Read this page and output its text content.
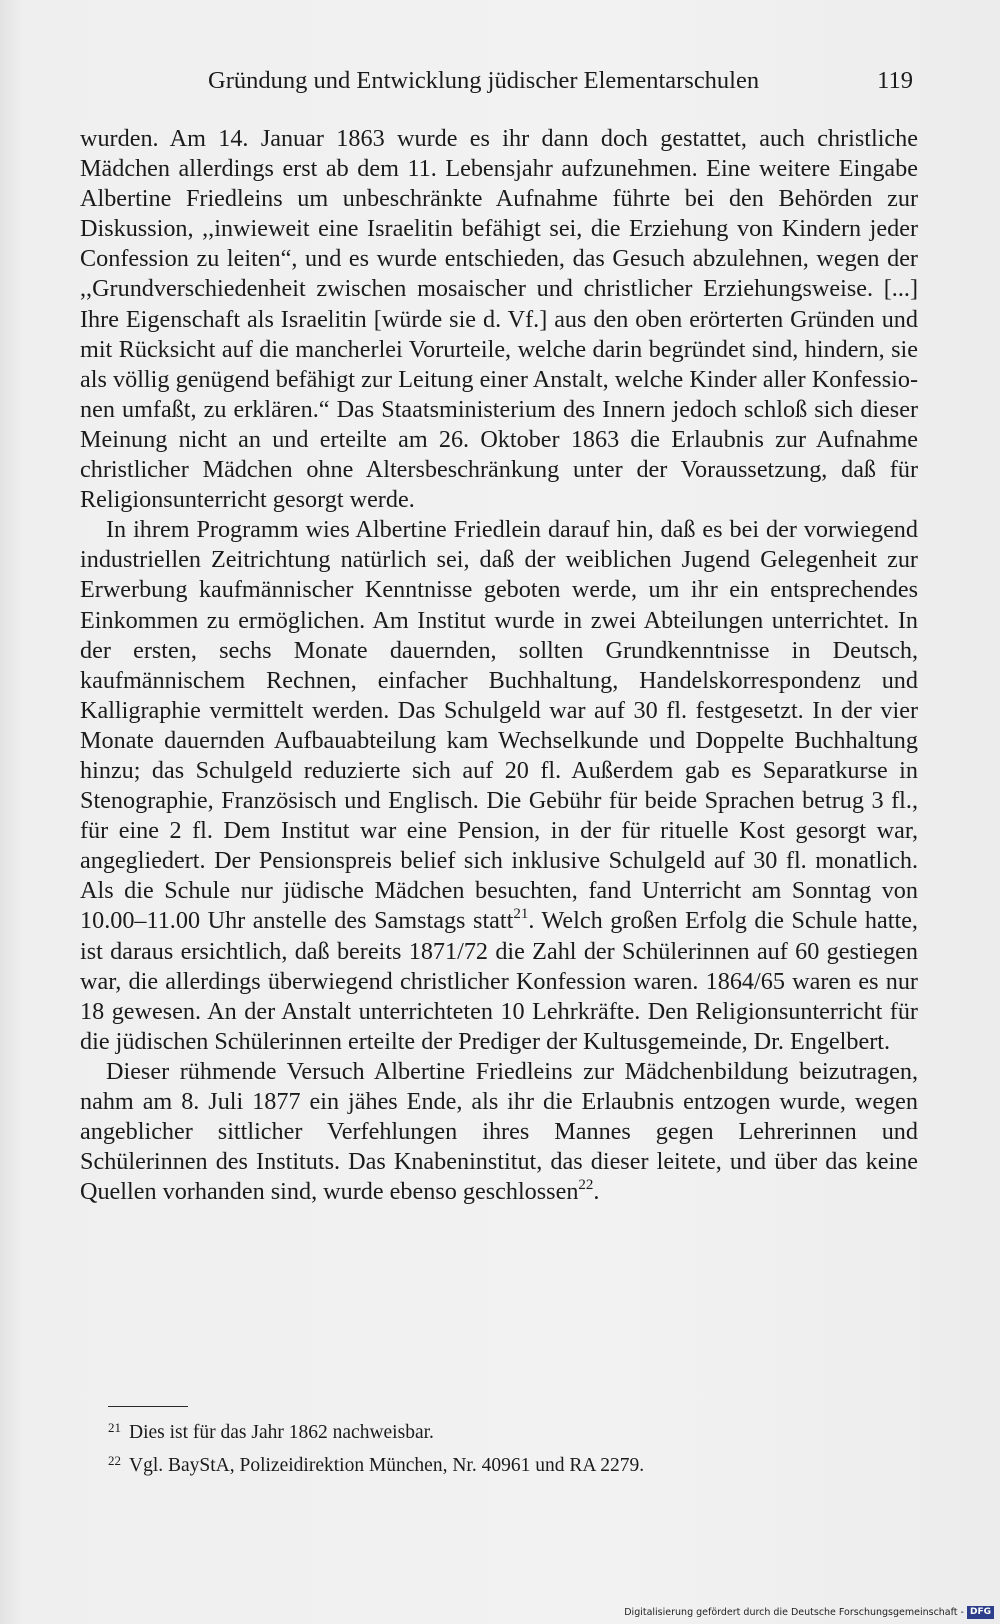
Gründung und Entwicklung jüdischer Elementarschulen	119

wurden. Am 14. Januar 1863 wurde es ihr dann doch gestattet, auch christliche Mädchen allerdings erst ab dem 11. Lebensjahr aufzunehmen. Eine weitere Eingabe Albertine Friedleins um unbeschränkte Aufnahme führte bei den Behörden zur Diskussion, ,,inwieweit eine Israelitin befähigt sei, die Erziehung von Kindern jeder Confession zu leiten“, und es wurde entschieden, das Gesuch abzulehnen, wegen der ,,Grundverschiedenheit zwischen mosaischer und christlicher Erziehungsweise. [...] Ihre Eigenschaft als Israelitin [würde sie d. Vf.] aus den oben erörterten Gründen und mit Rücksicht auf die mancherlei Vorurteile, welche darin begründet sind, hindern, sie als völlig genügend befähigt zur Leitung einer Anstalt, welche Kinder aller Konfessionen umfaßt, zu erklären.“ Das Staatsministerium des Innern jedoch schloß sich dieser Meinung nicht an und erteilte am 26. Oktober 1863 die Erlaubnis zur Aufnahme christlicher Mädchen ohne Altersbeschränkung unter der Voraussetzung, daß für Religionsunterricht gesorgt werde.

In ihrem Programm wies Albertine Friedlein darauf hin, daß es bei der vorwiegend industriellen Zeitrichtung natürlich sei, daß der weiblichen Jugend Gelegenheit zur Erwerbung kaufmännischer Kenntnisse geboten werde, um ihr ein entsprechendes Einkommen zu ermöglichen. Am Institut wurde in zwei Abteilungen unterrichtet. In der ersten, sechs Monate dauernden, sollten Grundkenntnisse in Deutsch, kaufmännischem Rechnen, einfacher Buchhaltung, Handelskorrespondenz und Kalligraphie vermittelt werden. Das Schulgeld war auf 30 fl. festgesetzt. In der vier Monate dauernden Aufbauabteilung kam Wechselkunde und Doppelte Buchhaltung hinzu; das Schulgeld reduzierte sich auf 20 fl. Außerdem gab es Separatkurse in Stenographie, Französisch und Englisch. Die Gebühr für beide Sprachen betrug 3 fl., für eine 2 fl. Dem Institut war eine Pension, in der für rituelle Kost gesorgt war, angegliedert. Der Pensionspreis belief sich inklusive Schulgeld auf 30 fl. monatlich. Als die Schule nur jüdische Mädchen besuchten, fand Unterricht am Sonntag von 10.00–11.00 Uhr anstelle des Samstags statt$^{21}$. Welch großen Erfolg die Schule hatte, ist daraus ersichtlich, daß bereits 1871/72 die Zahl der Schülerinnen auf 60 gestiegen war, die allerdings überwiegend christlicher Konfession waren. 1864/65 waren es nur 18 gewesen. An der Anstalt unterrichteten 10 Lehrkräfte. Den Religionsunterricht für die jüdischen Schülerinnen erteilte der Prediger der Kultusgemeinde, Dr. Engelbert.

Dieser rühmende Versuch Albertine Friedleins zur Mädchenbildung beizutragen, nahm am 8. Juli 1877 ein jähes Ende, als ihr die Erlaubnis entzogen wurde, wegen angeblicher sittlicher Verfehlungen ihres Mannes gegen Lehrerinnen und Schülerinnen des Instituts. Das Knabeninstitut, das dieser leitete, und über das keine Quellen vorhanden sind, wurde ebenso geschlossen$^{22}$.

$^{21}$ Dies ist für das Jahr 1862 nachweisbar.
$^{22}$ Vgl. BayStA, Polizeidirektion München, Nr. 40961 und RA 2279.
Digitalisierung gefördert durch die Deutsche Forschungsgemeinschaft - DFG
